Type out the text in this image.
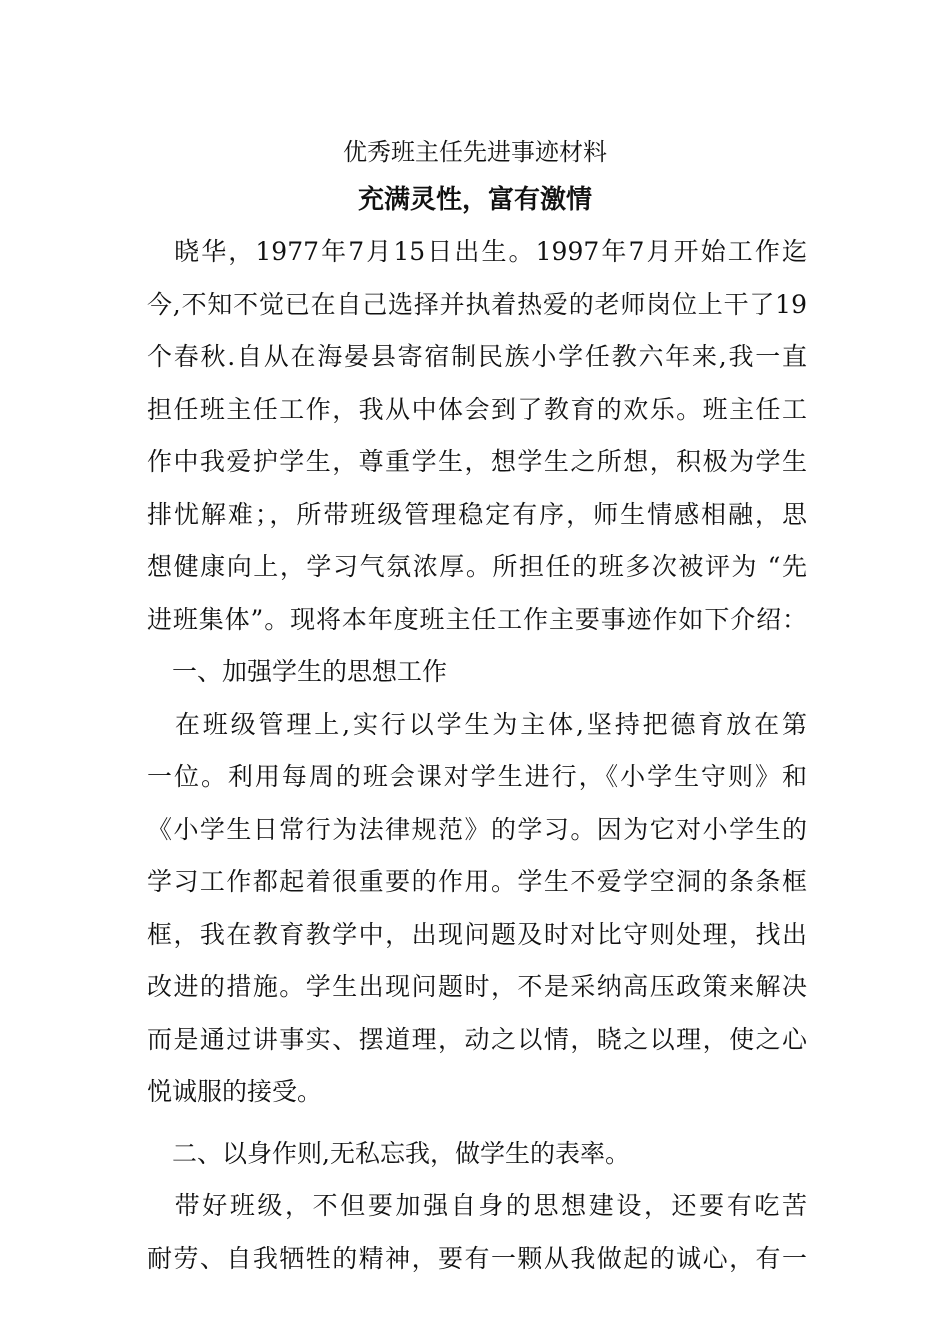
优秀班主任先进事迹材料
充满灵性，富有激情
　晓华，1977年7月15日出生。1997年7月开始工作迄
今,不知不觉已在自己选择并执着热爱的老师岗位上干了19
个春秋.自从在海晏县寄宿制民族小学任教六年来,我一直
担任班主任工作，我从中体会到了教育的欢乐。班主任工
作中我爱护学生，尊重学生，想学生之所想，积极为学生
排忧解难；，所带班级管理稳定有序，师生情感相融，思
想健康向上，学习气氛浓厚。所担任的班多次被评为 “先
进班集体”。现将本年度班主任工作主要事迹作如下介绍：
　一、加强学生的思想工作
　在班级管理上,实行以学生为主体,坚持把德育放在第
一位。利用每周的班会课对学生进行，《小学生守则》和
《小学生日常行为法律规范》的学习。因为它对小学生的
学习工作都起着很重要的作用。学生不爱学空洞的条条框
框，我在教育教学中，出现问题及时对比守则处理，找出
改进的措施。学生出现问题时，不是采纳高压政策来解决
而是通过讲事实、摆道理，动之以情，晓之以理，使之心
悦诚服的接受。
　二、以身作则,无私忘我，做学生的表率。
　带好班级，不但要加强自身的思想建设，还要有吃苦
耐劳、自我牺牲的精神，要有一颗从我做起的诚心，有一
